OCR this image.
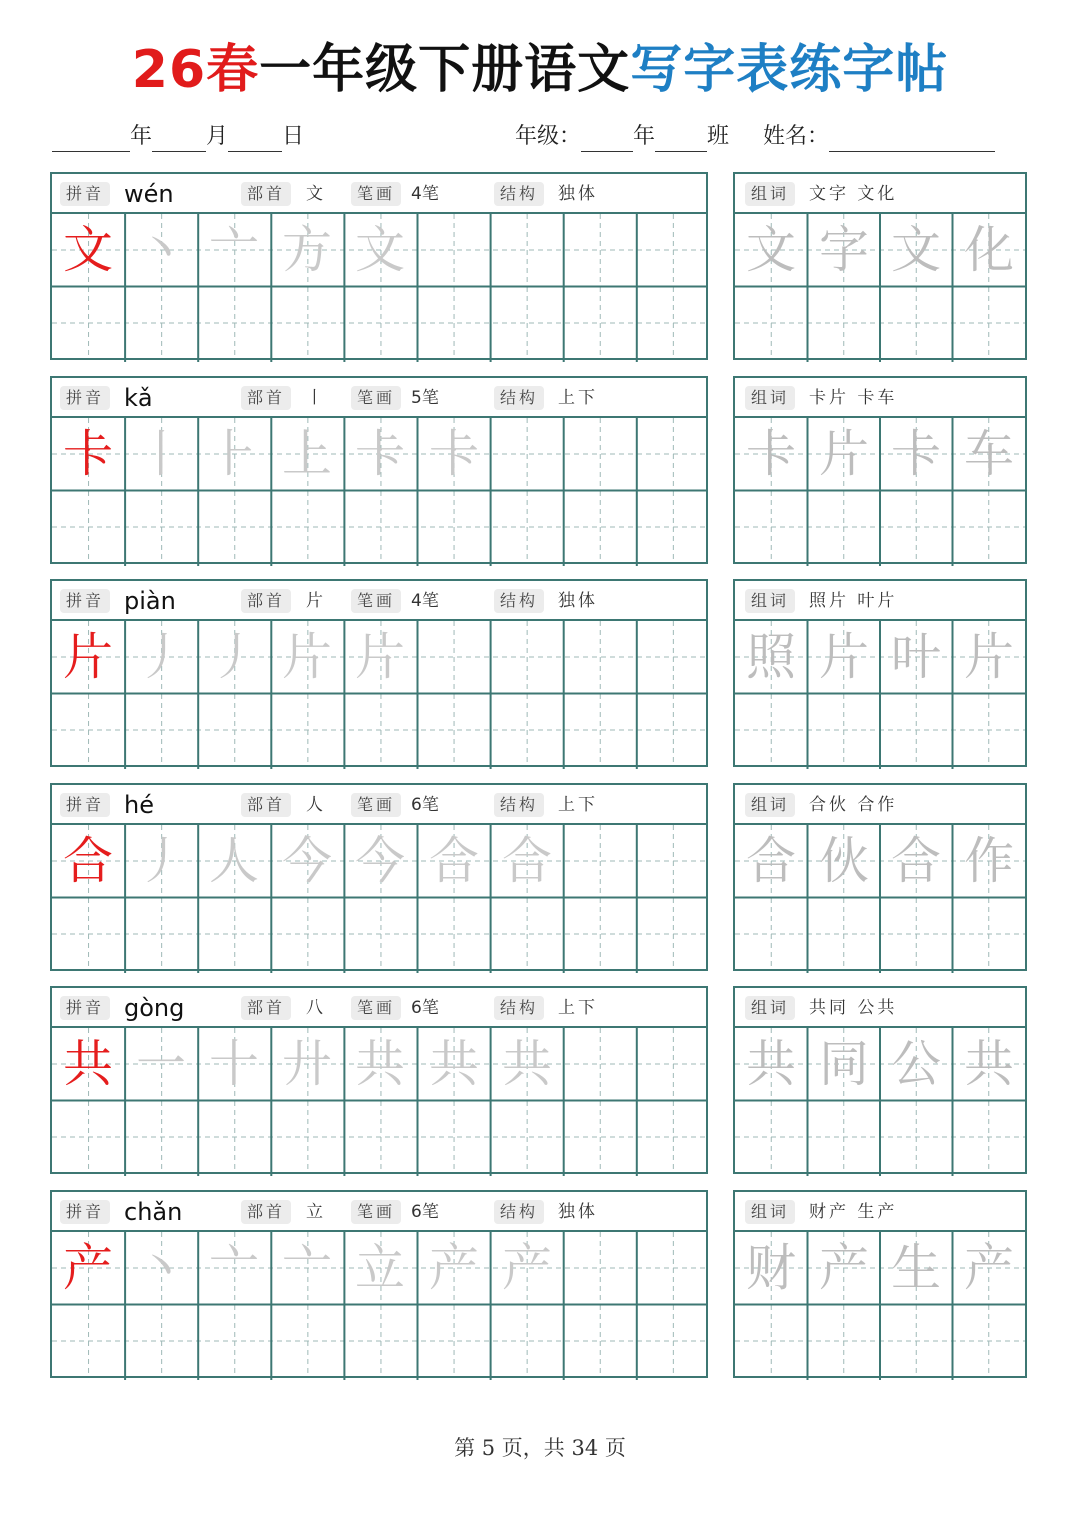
26春一年级下册语文写字表练字帖
年 月 日	年级： 年 班 姓名：
拼音 wén	部首	文	笔画 4笔	结构	独体
文 丶 亠 方 文
组词	文字 文化
文 字 文 化
拼音 kǎ	部首	丨	笔画 5笔	结构	上下
卡 丨 ⺊ 上 卡 卡
组词	卡片 卡车
卡 片 卡 车
拼音 piàn	部首	片	笔画 4笔	结构	独体
片 丿 丿 片 片
组词	照片 叶片
照 片 叶 片
拼音 hé	部首	人	笔画 6笔	结构	上下
合 丿 人 今 今 合 合
组词	合伙 合作
合 伙 合 作
拼音 gòng	部首	八	笔画 6笔	结构	上下
共 一 十 廾 共 共 共
组词	共同 公共
共 同 公 共
拼音 chǎn	部首	立	笔画 6笔	结构	独体
产 丶 亠 亠 立 产 产
组词	财产 生产
财 产 生 产
第 5 页，共 34 页
